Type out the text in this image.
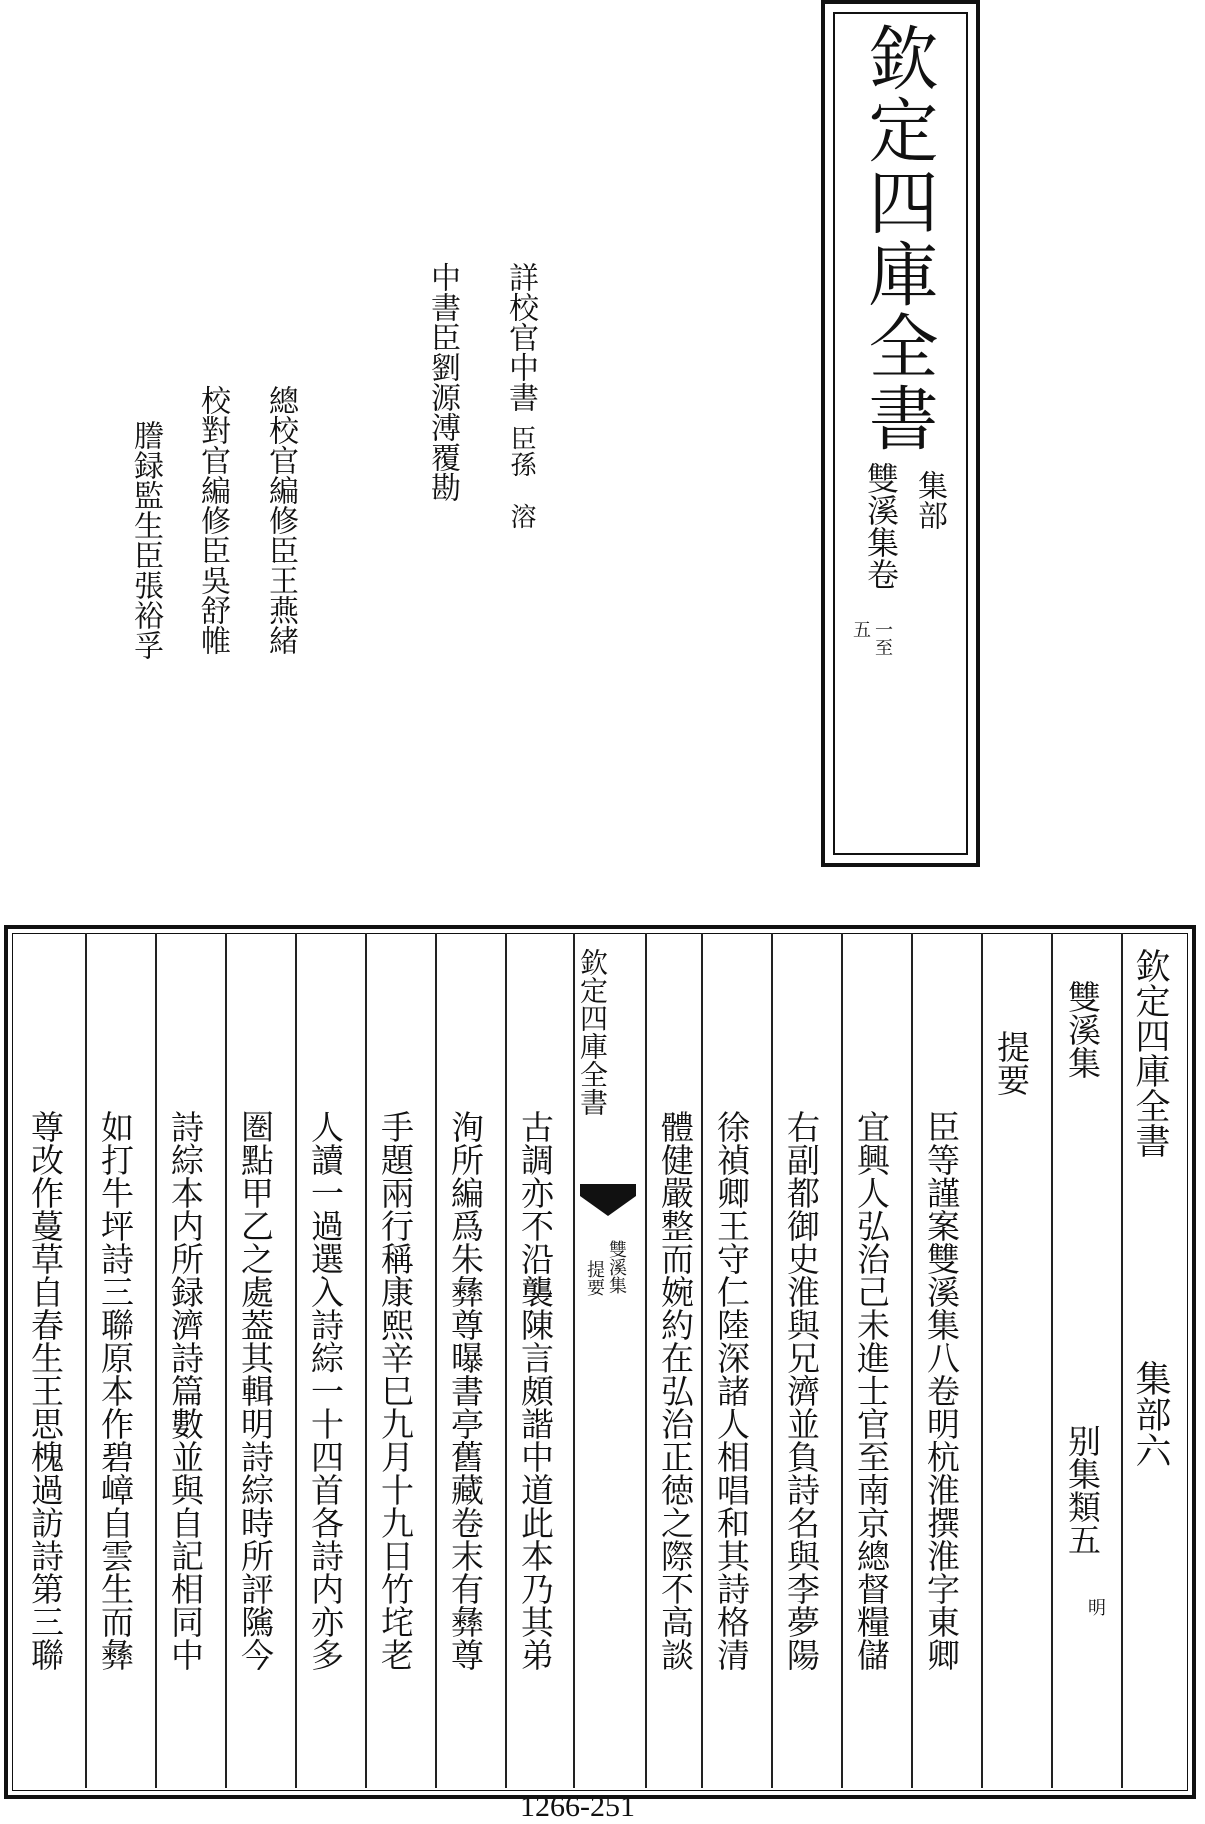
欽定四庫全書
集部
雙溪集卷
一至
五
詳校官中書
臣孫　溶
中書臣劉源溥覆勘
總校官編修臣王燕緒
校對官編修臣吳舒帷
謄録監生臣張裕孚
欽定四庫全書
集部六
雙溪集
别集類五
明
提要
臣等謹案雙溪集八卷明杭淮撰淮字東卿
宜興人弘治己未進士官至南京總督糧儲
右副都御史淮與兄濟並負詩名與李夢陽
徐禎卿王守仁陸深諸人相唱和其詩格清
欽定四庫全書
雙溪集
提要 體健嚴整而婉約在弘治正徳之際不高談
古調亦不沿襲陳言頗諧中道此本乃其弟
洵所編爲朱彝尊曝書亭舊藏卷末有彝尊
手題兩行稱康熙辛巳九月十九日竹垞老
人讀一過選入詩綜一十四首各詩内亦多
圏點甲乙之處葢其輯明詩綜時所評隲今
詩綜本内所録濟詩篇數並與自記相同中
如打牛坪詩三聯原本作碧嶂自雲生而彝
尊改作蔓草自春生王思槐過訪詩第三聯
1266-251
